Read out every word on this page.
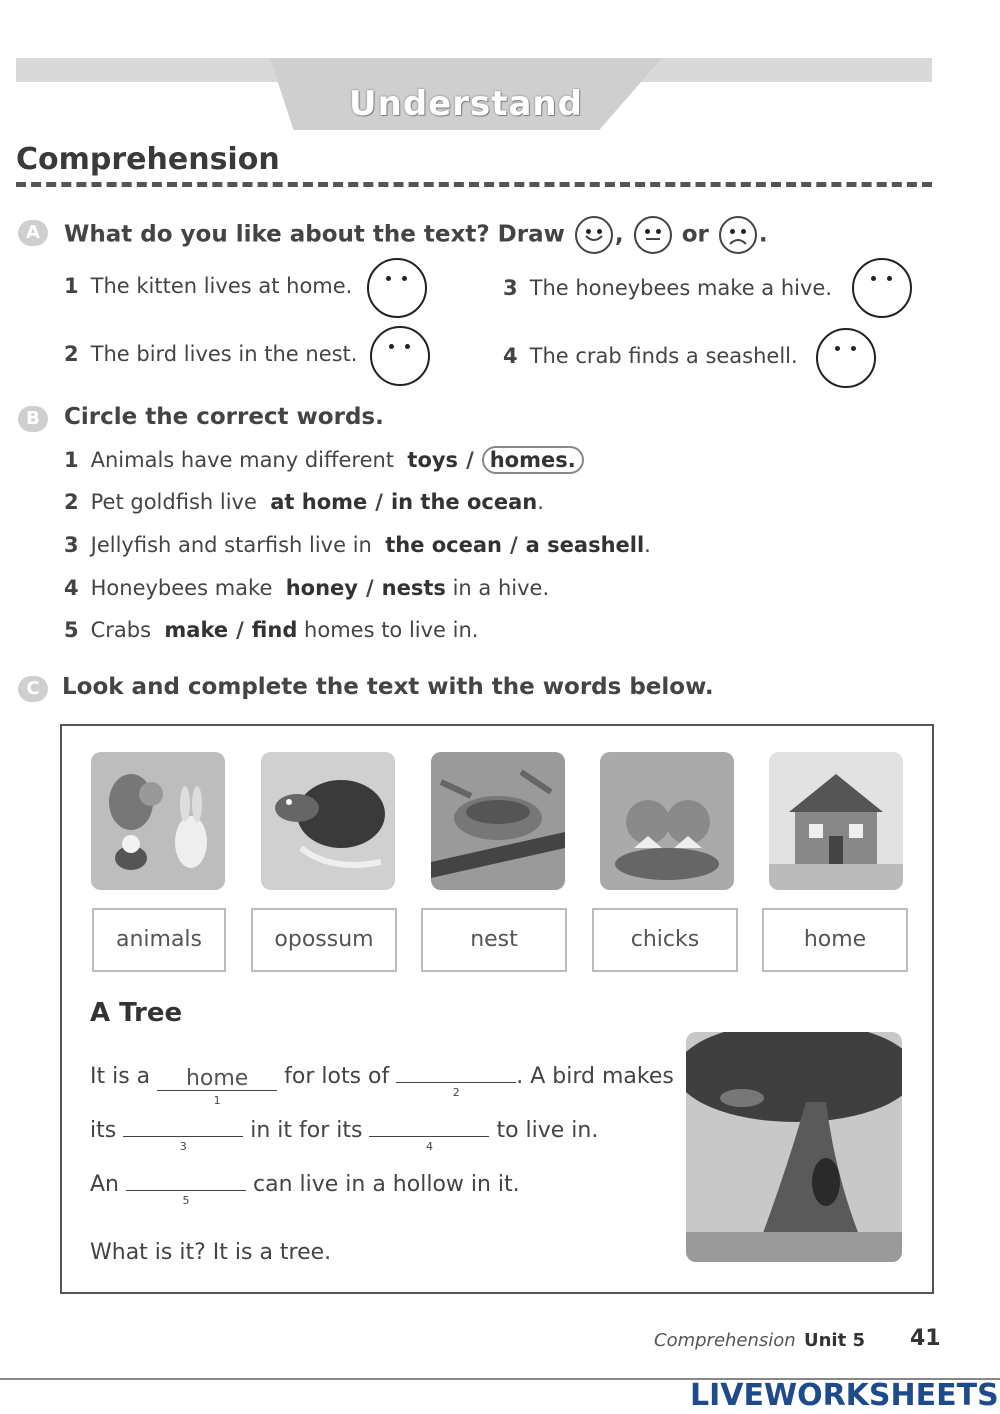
Understand
Comprehension
A	What do you like about the text? Draw ,	or .
1 The kitten lives at home.
2 The bird lives in the nest.
3 The honeybees make a hive.
4 The crab finds a seashell.
B	Circle the correct words.
1 Animals have many different toys / homes.
2 Pet goldfish live at home / in the ocean.
3 Jellyfish and starfish live in the ocean / a seashell.
4 Honeybees make honey / nests in a hive.
5 Crabs make / find homes to live in.
C Look and complete the text with the words below.
animals	opossum	nest	chicks	home
A Tree
It is a home
1
for lots of
2
. A bird makes
its
3
in it for its
4
to live in.
An
5
can live in a hollow in it.
What is it? It is a tree.
Comprehension Unit 5 41
LIVEWORKSHEETS
